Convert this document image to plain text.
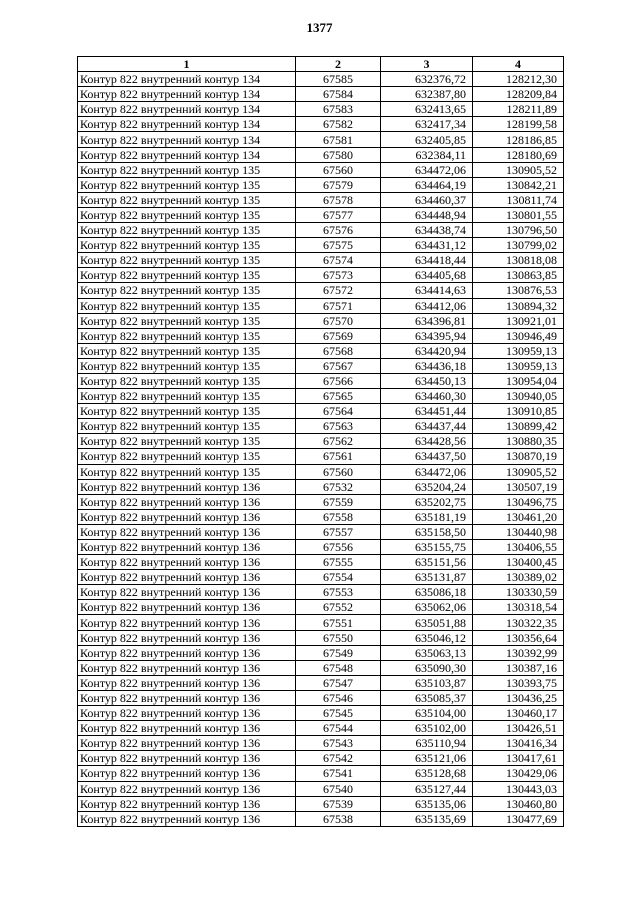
1377
1	2	3	4
Контур 822 внутренний контур 134	67585	632376,72	128212,30
Контур 822 внутренний контур 134	67584	632387,80	128209,84
Контур 822 внутренний контур 134	67583	632413,65	128211,89
Контур 822 внутренний контур 134	67582	632417,34	128199,58
Контур 822 внутренний контур 134	67581	632405,85	128186,85
Контур 822 внутренний контур 134	67580	632384,11	128180,69
Контур 822 внутренний контур 135	67560	634472,06	130905,52
Контур 822 внутренний контур 135	67579	634464,19	130842,21
Контур 822 внутренний контур 135	67578	634460,37	130811,74
Контур 822 внутренний контур 135	67577	634448,94	130801,55
Контур 822 внутренний контур 135	67576	634438,74	130796,50
Контур 822 внутренний контур 135	67575	634431,12	130799,02
Контур 822 внутренний контур 135	67574	634418,44	130818,08
Контур 822 внутренний контур 135	67573	634405,68	130863,85
Контур 822 внутренний контур 135	67572	634414,63	130876,53
Контур 822 внутренний контур 135	67571	634412,06	130894,32
Контур 822 внутренний контур 135	67570	634396,81	130921,01
Контур 822 внутренний контур 135	67569	634395,94	130946,49
Контур 822 внутренний контур 135	67568	634420,94	130959,13
Контур 822 внутренний контур 135	67567	634436,18	130959,13
Контур 822 внутренний контур 135	67566	634450,13	130954,04
Контур 822 внутренний контур 135	67565	634460,30	130940,05
Контур 822 внутренний контур 135	67564	634451,44	130910,85
Контур 822 внутренний контур 135	67563	634437,44	130899,42
Контур 822 внутренний контур 135	67562	634428,56	130880,35
Контур 822 внутренний контур 135	67561	634437,50	130870,19
Контур 822 внутренний контур 135	67560	634472,06	130905,52
Контур 822 внутренний контур 136	67532	635204,24	130507,19
Контур 822 внутренний контур 136	67559	635202,75	130496,75
Контур 822 внутренний контур 136	67558	635181,19	130461,20
Контур 822 внутренний контур 136	67557	635158,50	130440,98
Контур 822 внутренний контур 136	67556	635155,75	130406,55
Контур 822 внутренний контур 136	67555	635151,56	130400,45
Контур 822 внутренний контур 136	67554	635131,87	130389,02
Контур 822 внутренний контур 136	67553	635086,18	130330,59
Контур 822 внутренний контур 136	67552	635062,06	130318,54
Контур 822 внутренний контур 136	67551	635051,88	130322,35
Контур 822 внутренний контур 136	67550	635046,12	130356,64
Контур 822 внутренний контур 136	67549	635063,13	130392,99
Контур 822 внутренний контур 136	67548	635090,30	130387,16
Контур 822 внутренний контур 136	67547	635103,87	130393,75
Контур 822 внутренний контур 136	67546	635085,37	130436,25
Контур 822 внутренний контур 136	67545	635104,00	130460,17
Контур 822 внутренний контур 136	67544	635102,00	130426,51
Контур 822 внутренний контур 136	67543	635110,94	130416,34
Контур 822 внутренний контур 136	67542	635121,06	130417,61
Контур 822 внутренний контур 136	67541	635128,68	130429,06
Контур 822 внутренний контур 136	67540	635127,44	130443,03
Контур 822 внутренний контур 136	67539	635135,06	130460,80
Контур 822 внутренний контур 136	67538	635135,69	130477,69
